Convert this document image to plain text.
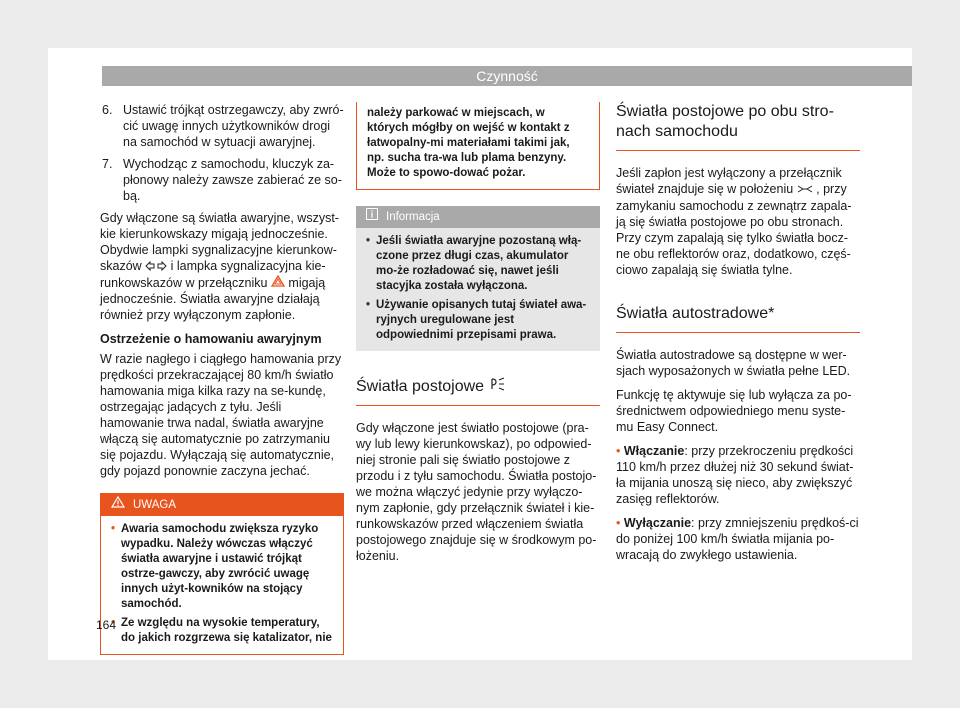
Czynność
6. Ustawić trójkąt ostrzegawczy, aby zwró-cić uwagę innych użytkowników drogi na samochód w sytuacji awaryjnej.
7. Wychodząc z samochodu, kluczyk za-płonowy należy zawsze zabierać ze so-bą.

Gdy włączone są światła awaryjne, wszyst-kie kierunkowskazy migają jednocześnie. Obydwie lampki sygnalizacyjne kierunkow-skazów i lampka sygnalizacyjna kie-runkowskazów w przełączniku migają jednocześnie. Światła awaryjne działają również przy wyłączonym zapłonie.

Ostrzeżenie o hamowaniu awaryjnym

W razie nagłego i ciągłego hamowania przy prędkości przekraczającej 80 km/h światło hamowania miga kilka razy na se-kundę, ostrzegając jadących z tyłu. Jeśli hamowanie trwa nadal, światła awaryjne włączą się automatycznie po zatrzymaniu się pojazdu. Wyłączają się automatycznie, gdy pojazd ponownie zaczyna jechać.

UWAGA
• Awaria samochodu zwiększa ryzyko wypadku. Należy wówczas włączyć światła awaryjne i ustawić trójkąt ostrze-gawczy, aby zwrócić uwagę innych użyt-kowników na stojący samochód.
• Ze względu na wysokie temperatury, do jakich rozgrzewa się katalizator, nie
należy parkować w miejscach, w których mógłby on wejść w kontakt z łatwopalny-mi materiałami takimi jak, np. sucha tra-wa lub plama benzyny. Może to spowo-dować pożar.
Informacja
• Jeśli światła awaryjne pozostaną włą-czone przez długi czas, akumulator mo-że rozładować się, nawet jeśli stacyjka została wyłączona.
• Używanie opisanych tutaj świateł awa-ryjnych uregulowane jest odpowiednimi przepisami prawa.
Światła postojowe

Gdy włączone jest światło postojowe (pra-wy lub lewy kierunkowskaz), po odpowied-niej stronie pali się światło postojowe z przodu i z tyłu samochodu. Światła postojo-we można włączyć jedynie przy wyłączo-nym zapłonie, gdy przełącznik świateł i kie-runkowskazów przed włączeniem światła postojowego znajduje się w środkowym po-łożeniu.

Światła postojowe po obu stro-nach samochodu

Jeśli zapłon jest wyłączony a przełącznik świateł znajduje się w położeniu , przy zamykaniu samochodu z zewnątrz zapala-ją się światła postojowe po obu stronach. Przy czym zapalają się tylko światła bocz-ne obu reflektorów oraz, dodatkowo, częś-ciowo zapalają się światła tylne.

Światła autostradowe*

Światła autostradowe są dostępne w wer-sjach wyposażonych w światła pełne LED.

Funkcję tę aktywuje się lub wyłącza za po-średnictwem odpowiedniego menu syste-mu Easy Connect.

• Włączanie: przy przekroczeniu prędkości 110 km/h przez dłużej niż 30 sekund świat-ła mijania unoszą się nieco, aby zwiększyć zasięg reflektorów.
• Wyłączanie: przy zmniejszeniu prędkoś-ci do poniżej 100 km/h światła mijania po-wracają do zwykłego ustawienia.
164
